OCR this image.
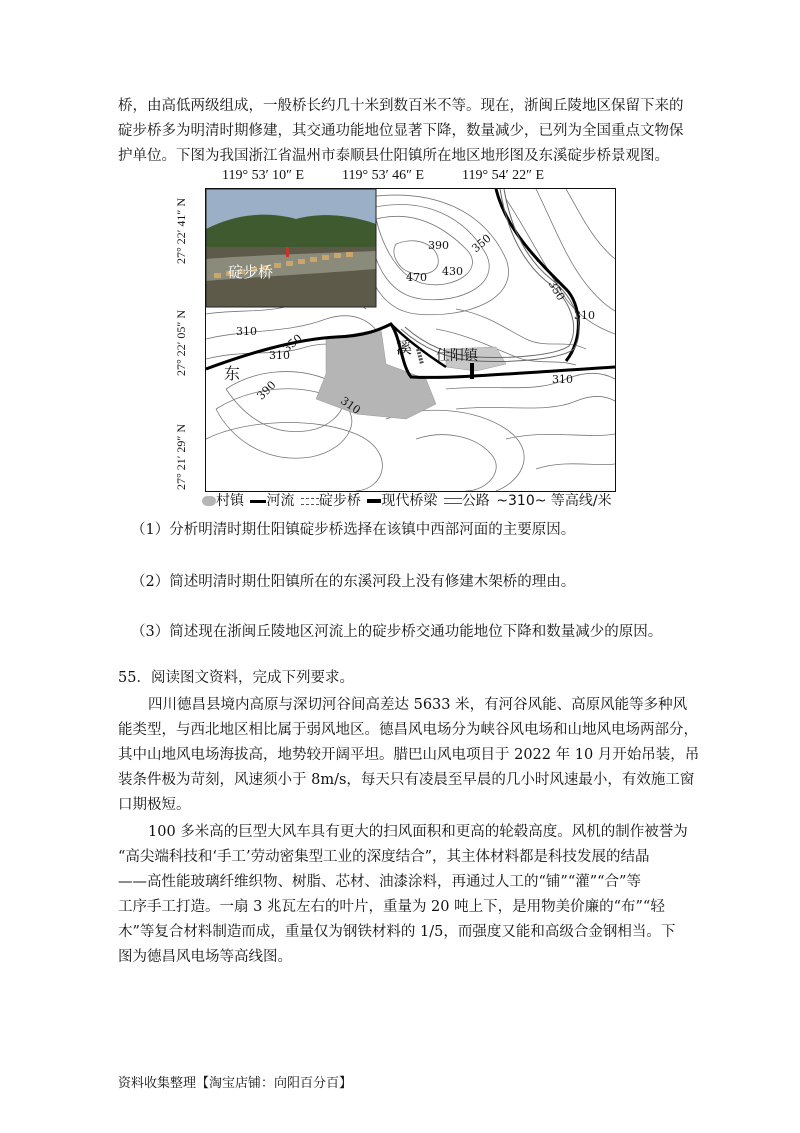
桥，由高低两级组成，一般桥长约几十米到数百米不等。现在，浙闽丘陵地区保留下来的
碇步桥多为明清时期修建，其交通功能地位显著下降，数量减少，已列为全国重点文物保
护单位。下图为我国浙江省温州市泰顺县仕阳镇所在地区地形图及东溪碇步桥景观图。
119° 53′ 10″ E	119° 53′ 46″ E	119° 54′ 22″ E
27° 22′ 41″ N
27° 22′ 05″ N
27° 21′ 29″ N
碇步桥
东
溪 仕阳镇
390 350
470 430
350
310
310
310
350
390
310
310
村镇 河流 碇步桥 现代桥梁 公路 ~310~ 等高线/米
（1）分析明清时期仕阳镇碇步桥选择在该镇中西部河面的主要原因。
（2）简述明清时期仕阳镇所在的东溪河段上没有修建木架桥的理由。
（3）简述现在浙闽丘陵地区河流上的碇步桥交通功能地位下降和数量减少的原因。
55．阅读图文资料，完成下列要求。
四川德昌县境内高原与深切河谷间高差达 5633 米，有河谷风能、高原风能等多种风
能类型，与西北地区相比属于弱风地区。德昌风电场分为峡谷风电场和山地风电场两部分，
其中山地风电场海拔高，地势较开阔平坦。腊巴山风电项目于 2022 年 10 月开始吊装，吊
装条件极为苛刻，风速须小于 8m/s，每天只有凌晨至早晨的几小时风速最小，有效施工窗
口期极短。
100 多米高的巨型大风车具有更大的扫风面积和更高的轮毂高度。风机的制作被誉为
“高尖端科技和‘手工’劳动密集型工业的深度结合”，其主体材料都是科技发展的结晶
——高性能玻璃纤维织物、树脂、芯材、油漆涂料，再通过人工的“铺”“灌”“合”等
工序手工打造。一扇 3 兆瓦左右的叶片，重量为 20 吨上下，是用物美价廉的“布”“轻
木”等复合材料制造而成，重量仅为钢铁材料的 1/5，而强度又能和高级合金钢相当。下
图为德昌风电场等高线图。
资料收集整理【淘宝店铺：向阳百分百】
